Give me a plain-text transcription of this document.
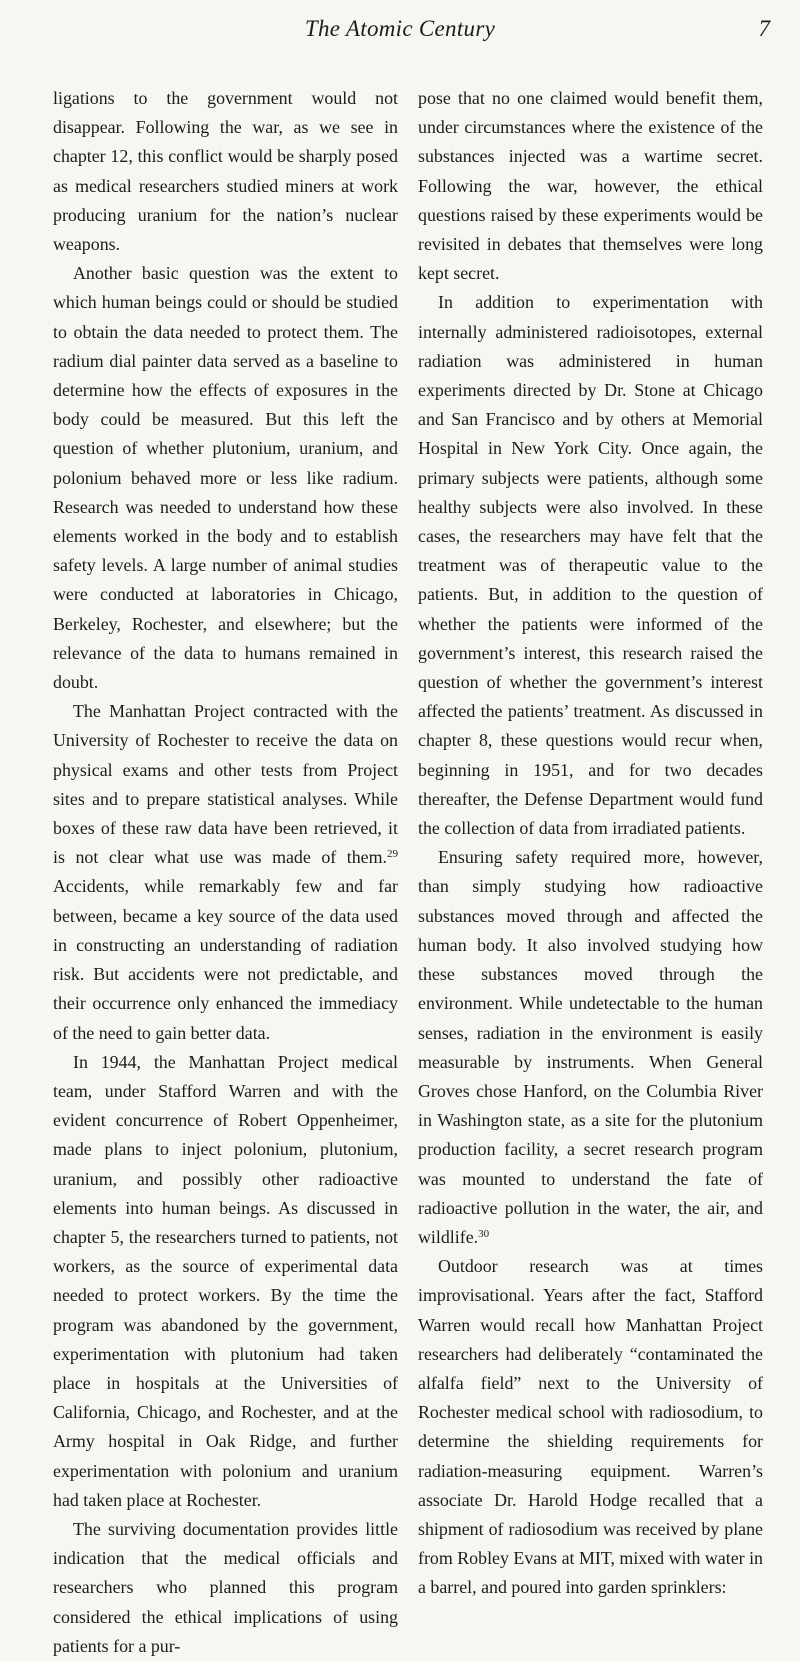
The Atomic Century	7

ligations to the government would not disappear. Following the war, as we see in chapter 12, this conflict would be sharply posed as medical researchers studied miners at work producing uranium for the nation’s nuclear weapons.

Another basic question was the extent to which human beings could or should be studied to obtain the data needed to protect them. The radium dial painter data served as a baseline to determine how the effects of exposures in the body could be measured. But this left the question of whether plutonium, uranium, and polonium behaved more or less like radium. Research was needed to understand how these elements worked in the body and to establish safety levels. A large number of animal studies were conducted at laboratories in Chicago, Berkeley, Rochester, and elsewhere; but the relevance of the data to humans remained in doubt.

The Manhattan Project contracted with the University of Rochester to receive the data on physical exams and other tests from Project sites and to prepare statistical analyses. While boxes of these raw data have been retrieved, it is not clear what use was made of them.$^{29}$ Accidents, while remarkably few and far between, became a key source of the data used in constructing an understanding of radiation risk. But accidents were not predictable, and their occurrence only enhanced the immediacy of the need to gain better data.

In 1944, the Manhattan Project medical team, under Stafford Warren and with the evident concurrence of Robert Oppenheimer, made plans to inject polonium, plutonium, uranium, and possibly other radioactive elements into human beings. As discussed in chapter 5, the researchers turned to patients, not workers, as the source of experimental data needed to protect workers. By the time the program was abandoned by the government, experimentation with plutonium had taken place in hospitals at the Universities of California, Chicago, and Rochester, and at the Army hospital in Oak Ridge, and further experimentation with polonium and uranium had taken place at Rochester.

The surviving documentation provides little indication that the medical officials and researchers who planned this program considered the ethical implications of using patients for a pur-

pose that no one claimed would benefit them, under circumstances where the existence of the substances injected was a wartime secret. Following the war, however, the ethical questions raised by these experiments would be revisited in debates that themselves were long kept secret.

In addition to experimentation with internally administered radioisotopes, external radiation was administered in human experiments directed by Dr. Stone at Chicago and San Francisco and by others at Memorial Hospital in New York City. Once again, the primary subjects were patients, although some healthy subjects were also involved. In these cases, the researchers may have felt that the treatment was of therapeutic value to the patients. But, in addition to the question of whether the patients were informed of the government’s interest, this research raised the question of whether the government’s interest affected the patients’ treatment. As discussed in chapter 8, these questions would recur when, beginning in 1951, and for two decades thereafter, the Defense Department would fund the collection of data from irradiated patients.

Ensuring safety required more, however, than simply studying how radioactive substances moved through and affected the human body. It also involved studying how these substances moved through the environment. While undetectable to the human senses, radiation in the environment is easily measurable by instruments. When General Groves chose Hanford, on the Columbia River in Washington state, as a site for the plutonium production facility, a secret research program was mounted to understand the fate of radioactive pollution in the water, the air, and wildlife.$^{30}$

Outdoor research was at times improvisational. Years after the fact, Stafford Warren would recall how Manhattan Project researchers had deliberately “contaminated the alfalfa field” next to the University of Rochester medical school with radiosodium, to determine the shielding requirements for radiation-measuring equipment. Warren’s associate Dr. Harold Hodge recalled that a shipment of radiosodium was received by plane from Robley Evans at MIT, mixed with water in a barrel, and poured into garden sprinklers:
